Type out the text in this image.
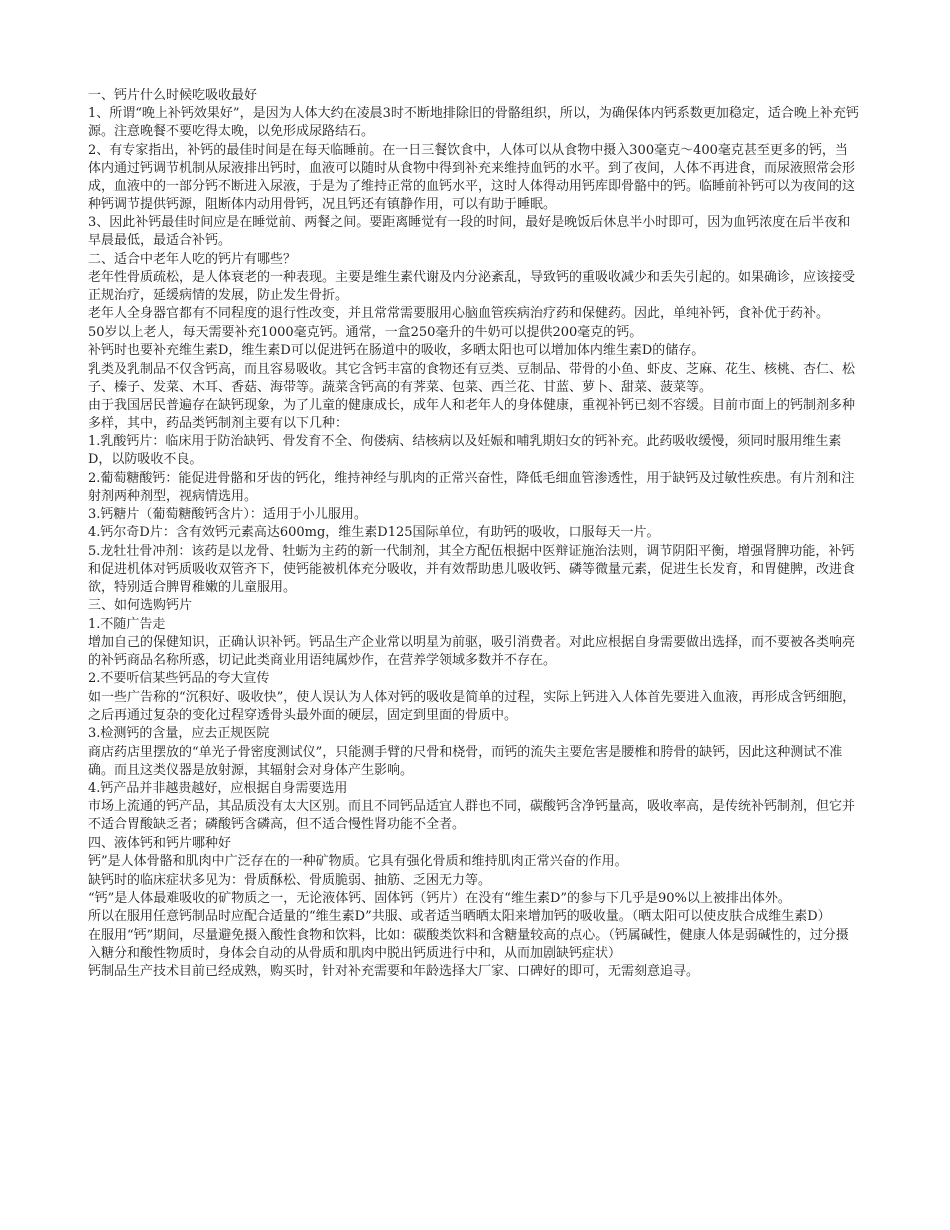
一、钙片什么时候吃吸收最好

1、所谓“晚上补钙效果好”，是因为人体大约在凌晨3时不断地排除旧的骨骼组织，所以，为确保体内钙系数更加稳定，适合晚上补充钙源。注意晚餐不要吃得太晚，以免形成尿路结石。

2、有专家指出，补钙的最佳时间是在每天临睡前。在一日三餐饮食中，人体可以从食物中摄入300毫克～400毫克甚至更多的钙，当体内通过钙调节机制从尿液排出钙时，血液可以随时从食物中得到补充来维持血钙的水平。到了夜间，人体不再进食，而尿液照常会形成，血液中的一部分钙不断进入尿液，于是为了维持正常的血钙水平，这时人体得动用钙库即骨骼中的钙。临睡前补钙可以为夜间的这种钙调节提供钙源，阻断体内动用骨钙，况且钙还有镇静作用，可以有助于睡眠。

3、因此补钙最佳时间应是在睡觉前、两餐之间。要距离睡觉有一段的时间，最好是晚饭后休息半小时即可，因为血钙浓度在后半夜和早晨最低，最适合补钙。

二、适合中老年人吃的钙片有哪些？

老年性骨质疏松，是人体衰老的一种表现。主要是维生素代谢及内分泌紊乱，导致钙的重吸收减少和丢失引起的。如果确诊，应该接受正规治疗，延缓病情的发展，防止发生骨折。

老年人全身器官都有不同程度的退行性改变，并且常常需要服用心脑血管疾病治疗药和保健药。因此，单纯补钙，食补优于药补。

50岁以上老人，每天需要补充1000毫克钙。通常，一盒250毫升的牛奶可以提供200毫克的钙。

补钙时也要补充维生素D，维生素D可以促进钙在肠道中的吸收，多晒太阳也可以增加体内维生素D的储存。

乳类及乳制品不仅含钙高，而且容易吸收。其它含钙丰富的食物还有豆类、豆制品、带骨的小鱼、虾皮、芝麻、花生、核桃、杏仁、松子、榛子、发菜、木耳、香菇、海带等。蔬菜含钙高的有荠菜、包菜、西兰花、甘蓝、萝卜、甜菜、菠菜等。

由于我国居民普遍存在缺钙现象，为了儿童的健康成长，成年人和老年人的身体健康，重视补钙已刻不容缓。目前市面上的钙制剂多种多样，其中，药品类钙制剂主要有以下几种：

1.乳酸钙片：临床用于防治缺钙、骨发育不全、佝偻病、结核病以及妊娠和哺乳期妇女的钙补充。此药吸收缓慢，须同时服用维生素D，以防吸收不良。

2.葡萄糖酸钙：能促进骨骼和牙齿的钙化，维持神经与肌肉的正常兴奋性，降低毛细血管渗透性，用于缺钙及过敏性疾患。有片剂和注射剂两种剂型，视病情选用。

3.钙糖片（葡萄糖酸钙含片）：适用于小儿服用。

4.钙尔奇D片：含有效钙元素高达600mg，维生素D125国际单位，有助钙的吸收，口服每天一片。

5.龙牡壮骨冲剂：该药是以龙骨、牡蛎为主药的新一代制剂，其全方配伍根据中医辩证施治法则，调节阴阳平衡，增强肾脾功能，补钙和促进机体对钙质吸收双管齐下，使钙能被机体充分吸收，并有效帮助患儿吸收钙、磷等微量元素，促进生长发育，和胃健脾，改进食欲，特别适合脾胃稚嫩的儿童服用。

三、如何选购钙片

1.不随广告走

增加自己的保健知识，正确认识补钙。钙品生产企业常以明星为前驱，吸引消费者。对此应根据自身需要做出选择，而不要被各类响亮的补钙商品名称所惑，切记此类商业用语纯属炒作，在营养学领域多数并不存在。

2.不要听信某些钙品的夸大宣传

如一些广告称的“沉积好、吸收快”，使人误认为人体对钙的吸收是简单的过程，实际上钙进入人体首先要进入血液，再形成含钙细胞，之后再通过复杂的变化过程穿透骨头最外面的硬层，固定到里面的骨质中。

3.检测钙的含量，应去正规医院

商店药店里摆放的“单光子骨密度测试仪”，只能测手臂的尺骨和桡骨，而钙的流失主要危害是腰椎和胯骨的缺钙，因此这种测试不准确。而且这类仪器是放射源，其辐射会对身体产生影响。

4.钙产品并非越贵越好，应根据自身需要选用

市场上流通的钙产品，其品质没有太大区别。而且不同钙品适宜人群也不同，碳酸钙含净钙量高，吸收率高，是传统补钙制剂，但它并不适合胃酸缺乏者；磷酸钙含磷高，但不适合慢性肾功能不全者。

四、液体钙和钙片哪种好

钙”是人体骨骼和肌肉中广泛存在的一种矿物质。它具有强化骨质和维持肌肉正常兴奋的作用。

缺钙时的临床症状多见为：骨质酥松、骨质脆弱、抽筋、乏困无力等。

“钙”是人体最难吸收的矿物质之一，无论液体钙、固体钙（钙片）在没有“维生素D”的参与下几乎是90%以上被排出体外。

所以在服用任意钙制品时应配合适量的“维生素D”共服、或者适当晒晒太阳来增加钙的吸收量。（晒太阳可以使皮肤合成维生素D）

在服用“钙”期间，尽量避免摄入酸性食物和饮料，比如：碳酸类饮料和含糖量较高的点心。（钙属碱性，健康人体是弱碱性的，过分摄入糖分和酸性物质时，身体会自动的从骨质和肌肉中脱出钙质进行中和，从而加剧缺钙症状）

钙制品生产技术目前已经成熟，购买时，针对补充需要和年龄选择大厂家、口碑好的即可，无需刻意追寻。
